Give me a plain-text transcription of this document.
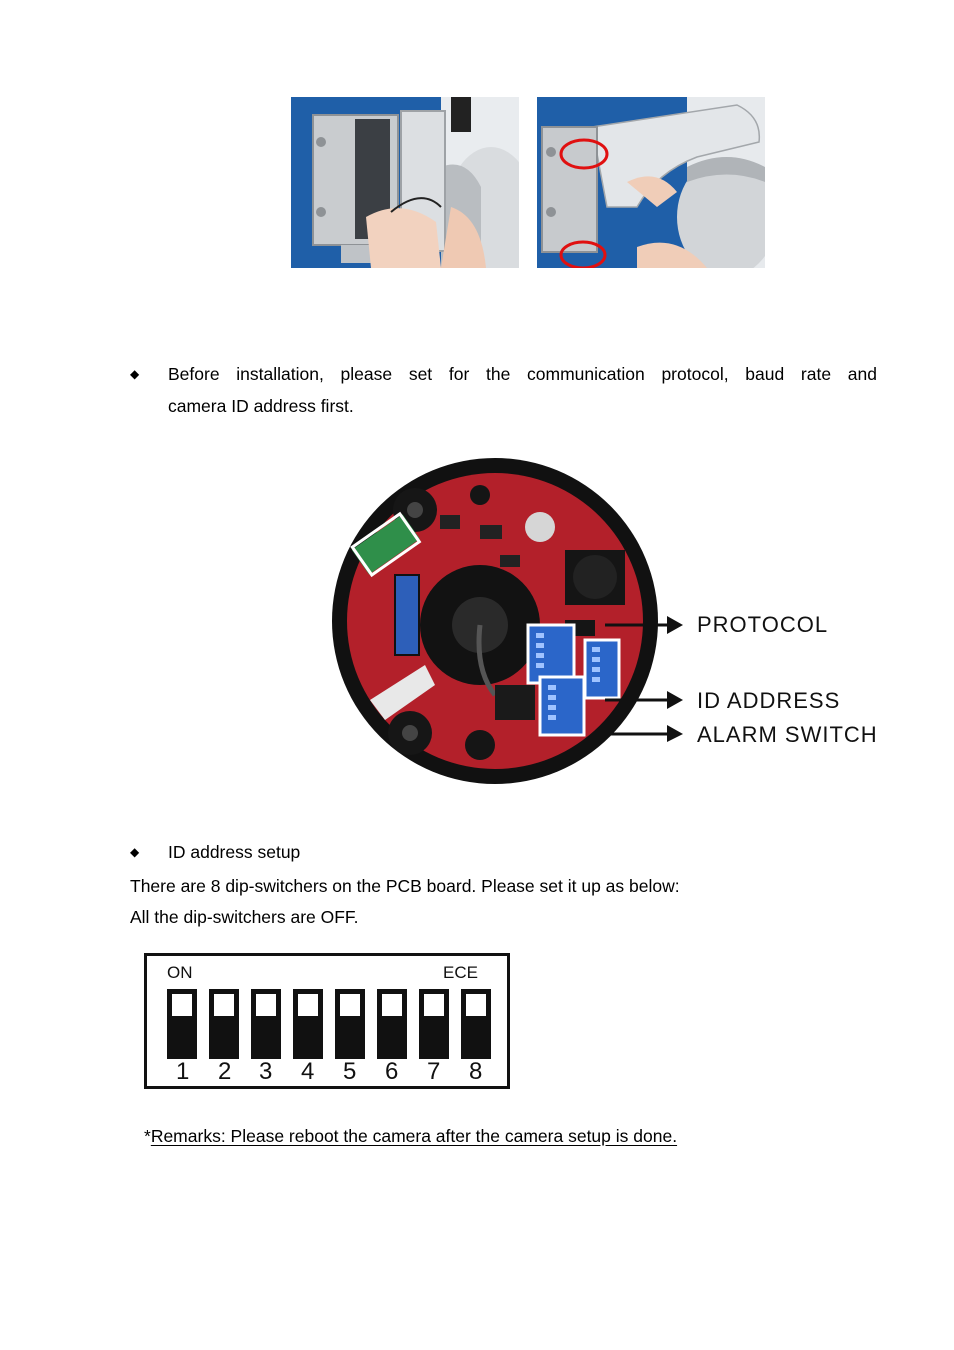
◆ Before installation, please set for the communication protocol, baud rate and
camera ID address first.
PROTOCOL
ID ADDRESS
ALARM SWITCH
◆ ID address setup
There are 8 dip-switchers on the PCB board. Please set it up as below:
All the dip-switchers are OFF.
ON	ECE
1 2 3 4 5 6 7 8
*Remarks: Please reboot the camera after the camera setup is done.
